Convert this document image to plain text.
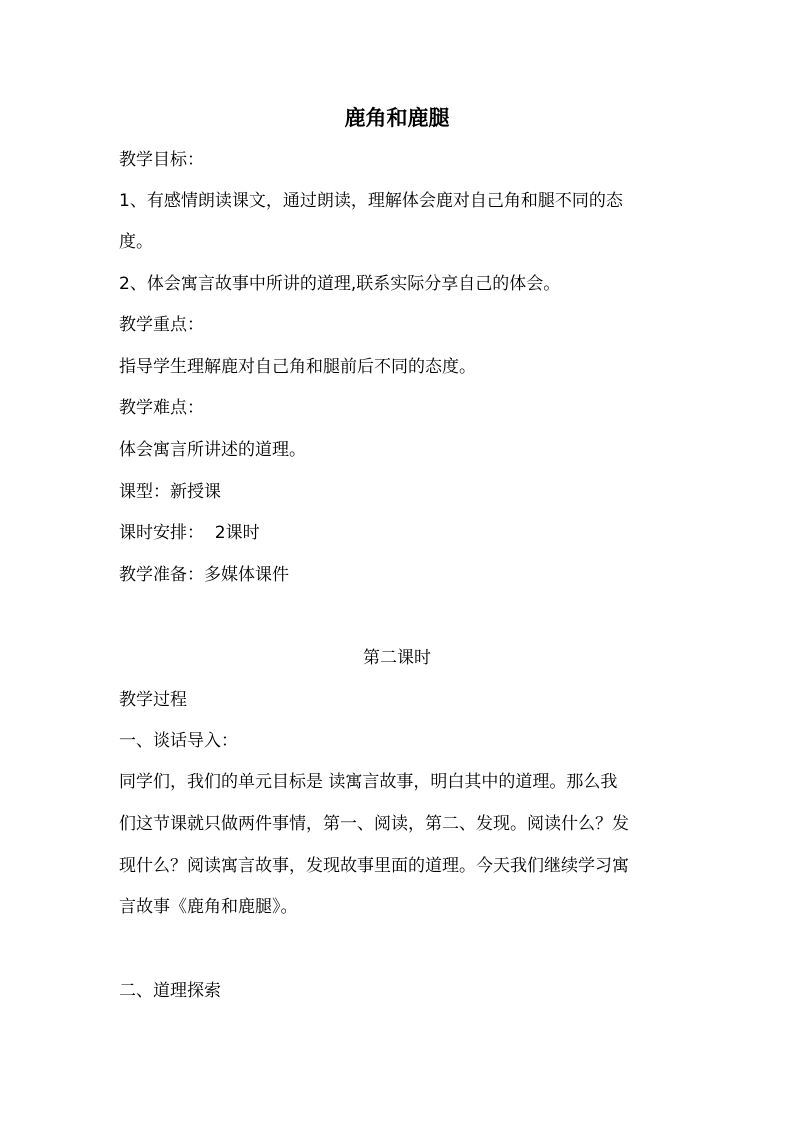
鹿角和鹿腿
教学目标：
1、有感情朗读课文，通过朗读，理解体会鹿对自己角和腿不同的态
度。
2、体会寓言故事中所讲的道理,联系实际分享自己的体会。
教学重点：
指导学生理解鹿对自己角和腿前后不同的态度。
教学难点：
体会寓言所讲述的道理。
课型：新授课
课时安排：  2课时
教学准备：多媒体课件
第二课时
教学过程
一、谈话导入：
同学们，我们的单元目标是 读寓言故事，明白其中的道理。那么我
们这节课就只做两件事情，第一、阅读，第二、发现。阅读什么？发
现什么？阅读寓言故事，发现故事里面的道理。今天我们继续学习寓
言故事《鹿角和鹿腿》。
二、道理探索
